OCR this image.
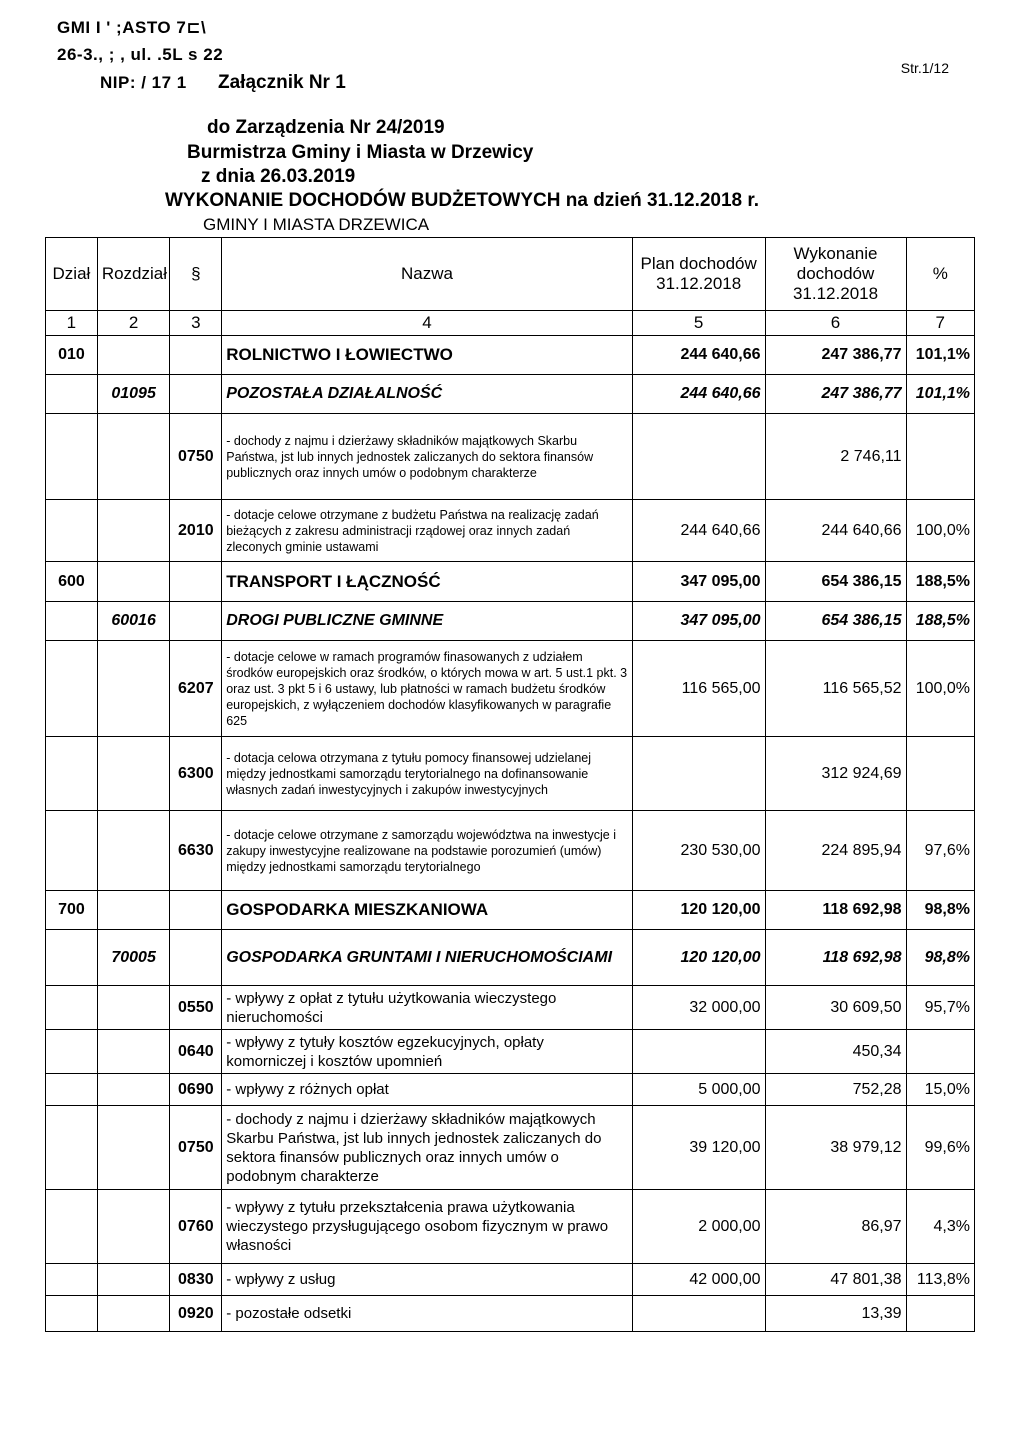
GMI I ' ;ASTO 7⊏\
26-3., ; , ul. .5L s 22
Str.1/12
NIP: / 17 1 Załącznik Nr 1
do Zarządzenia Nr 24/2019
Burmistrza Gminy i Miasta w Drzewicy
z dnia 26.03.2019
WYKONANIE DOCHODÓW BUDŻETOWYCH na dzień 31.12.2018 r.
GMINY I MIASTA DRZEWICA
Dział	Rozdział	§	Nazwa	Plan dochodów 31.12.2018	Wykonanie dochodów 31.12.2018	%
1	2	3	4	5	6	7
010			ROLNICTWO I ŁOWIECTWO	244 640,66	247 386,77	101,1%
	01095		POZOSTAŁA DZIAŁALNOŚĆ	244 640,66	247 386,77	101,1%
		0750	- dochody z najmu i dzierżawy składników majątkowych Skarbu Państwa, jst lub innych jednostek zaliczanych do sektora finansów publicznych oraz innych umów o podobnym charakterze		2 746,11	
		2010	- dotacje celowe otrzymane z budżetu Państwa na realizację zadań bieżących z zakresu administracji rządowej oraz innych zadań zleconych gminie ustawami	244 640,66	244 640,66	100,0%
600			TRANSPORT I ŁĄCZNOŚĆ	347 095,00	654 386,15	188,5%
	60016		DROGI PUBLICZNE GMINNE	347 095,00	654 386,15	188,5%
		6207	- dotacje celowe w ramach programów finasowanych z udziałem środków europejskich oraz środków, o których mowa w art. 5 ust.1 pkt. 3 oraz ust. 3 pkt 5 i 6 ustawy, lub płatności w ramach budżetu środków europejskich, z wyłączeniem dochodów klasyfikowanych w paragrafie 625	116 565,00	116 565,52	100,0%
		6300	- dotacja celowa otrzymana z tytułu pomocy finansowej udzielanej między jednostkami samorządu terytorialnego na dofinansowanie własnych zadań inwestycyjnych i zakupów inwestycyjnych		312 924,69	
		6630	- dotacje celowe otrzymane z samorządu województwa na inwestycje i zakupy inwestycyjne realizowane na podstawie porozumień (umów) między jednostkami samorządu terytorialnego	230 530,00	224 895,94	97,6%
700			GOSPODARKA MIESZKANIOWA	120 120,00	118 692,98	98,8%
	70005		GOSPODARKA GRUNTAMI I NIERUCHOMOŚCIAMI	120 120,00	118 692,98	98,8%
		0550	- wpływy z opłat z tytułu użytkowania wieczystego nieruchomości	32 000,00	30 609,50	95,7%
		0640	- wpływy z tytuły kosztów egzekucyjnych, opłaty komorniczej i kosztów upomnień		450,34	
		0690	- wpływy z różnych opłat	5 000,00	752,28	15,0%
		0750	- dochody z najmu i dzierżawy składników majątkowych Skarbu Państwa, jst lub innych jednostek zaliczanych do sektora finansów publicznych oraz innych umów o podobnym charakterze	39 120,00	38 979,12	99,6%
		0760	- wpływy z tytułu przekształcenia prawa użytkowania wieczystego przysługującego osobom fizycznym w prawo własności	2 000,00	86,97	4,3%
		0830	- wpływy z usług	42 000,00	47 801,38	113,8%
		0920	- pozostałe odsetki		13,39	
